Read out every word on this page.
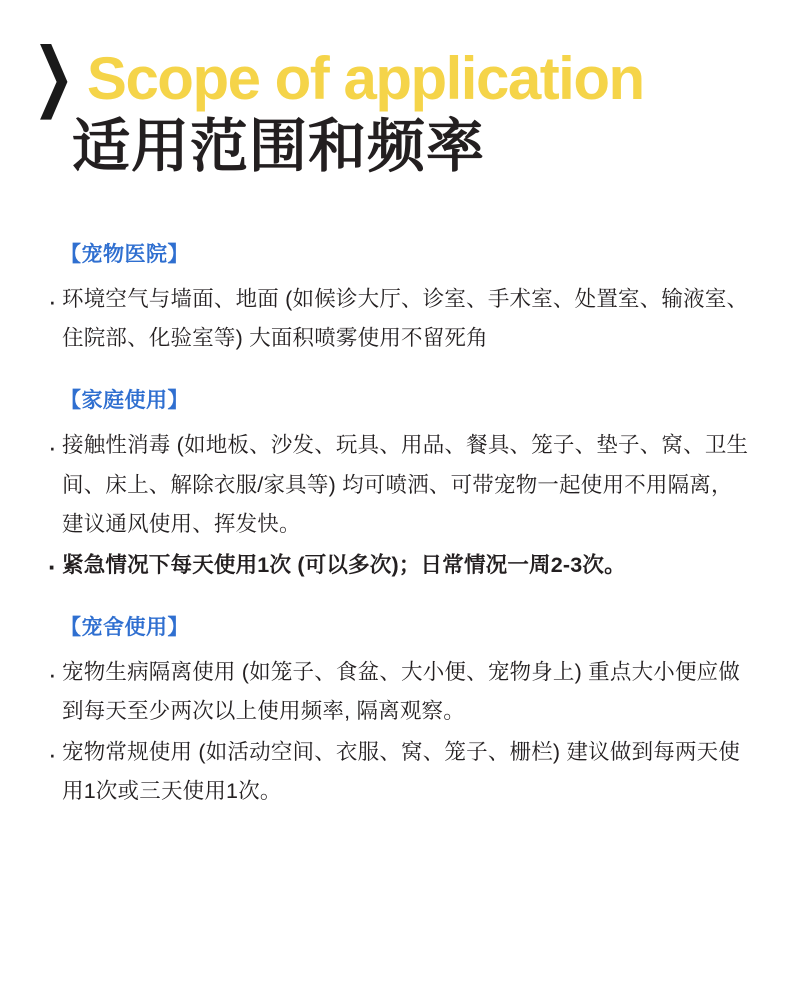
❯ Scope of application
适用范围和频率
【宠物医院】
· 环境空气与墙面、地面 (如候诊大厅、诊室、手术室、处置室、输液室、住院部、化验室等) 大面积喷雾使用不留死角
【家庭使用】
· 接触性消毒 (如地板、沙发、玩具、用品、餐具、笼子、垫子、窝、卫生间、床上、解除衣服/家具等) 均可喷洒、可带宠物一起使用不用隔离，建议通风使用、挥发快。
· 紧急情况下每天使用1次 (可以多次)；日常情况一周2-3次。
【宠舍使用】
· 宠物生病隔离使用 (如笼子、食盆、大小便、宠物身上) 重点大小便应做到每天至少两次以上使用频率, 隔离观察。
· 宠物常规使用 (如活动空间、衣服、窝、笼子、栅栏) 建议做到每两天使用1次或三天使用1次。
